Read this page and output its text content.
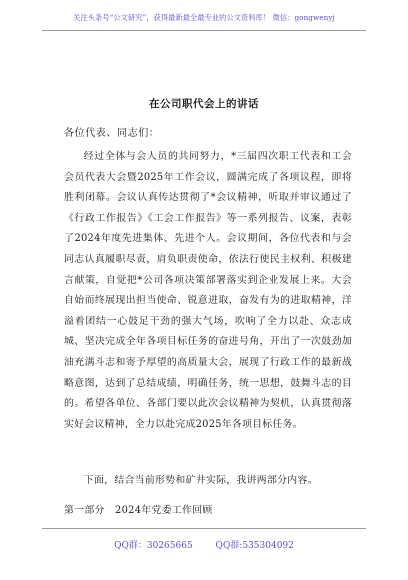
关注头条号“公文研究”，获得最新最全最专业的公文资料库！ 微信：gongwenyj
在公司职代会上的讲话
各位代表、同志们：

经过全体与会人员的共同努力，*三届四次职工代表和工会会员代表大会暨2025年工作会议，圆满完成了各项议程，即将胜利闭幕。会议认真传达贯彻了*会议精神，听取并审议通过了《行政工作报告》《工会工作报告》等一系列报告、议案，表彰了2024年度先进集体、先进个人。会议期间，各位代表和与会同志认真履职尽责，肩负职责使命，依法行使民主权利、积极建言献策，自觉把*公司各项决策部署落实到企业发展上来。大会自始而终展现出担当使命、锐意进取，奋发有为的进取精神，洋溢着团结一心鼓足干劲的强大气场，吹响了全力以赴、众志成城、坚决完成全年各项目标任务的奋进号角，开出了一次鼓劲加油充满斗志和寄予厚望的高质量大会，展现了行政工作的最新战略意图，达到了总结成绩，明确任务，统一思想，鼓舞斗志的目的。希望各单位、各部门要以此次会议精神为契机，认真贯彻落实好会议精神，全力以赴完成2025年各项目标任务。

下面，结合当前形势和矿井实际，我讲两部分内容。

第一部分   2024年党委工作回顾
QQ群：30265665        QQ群:535304092
